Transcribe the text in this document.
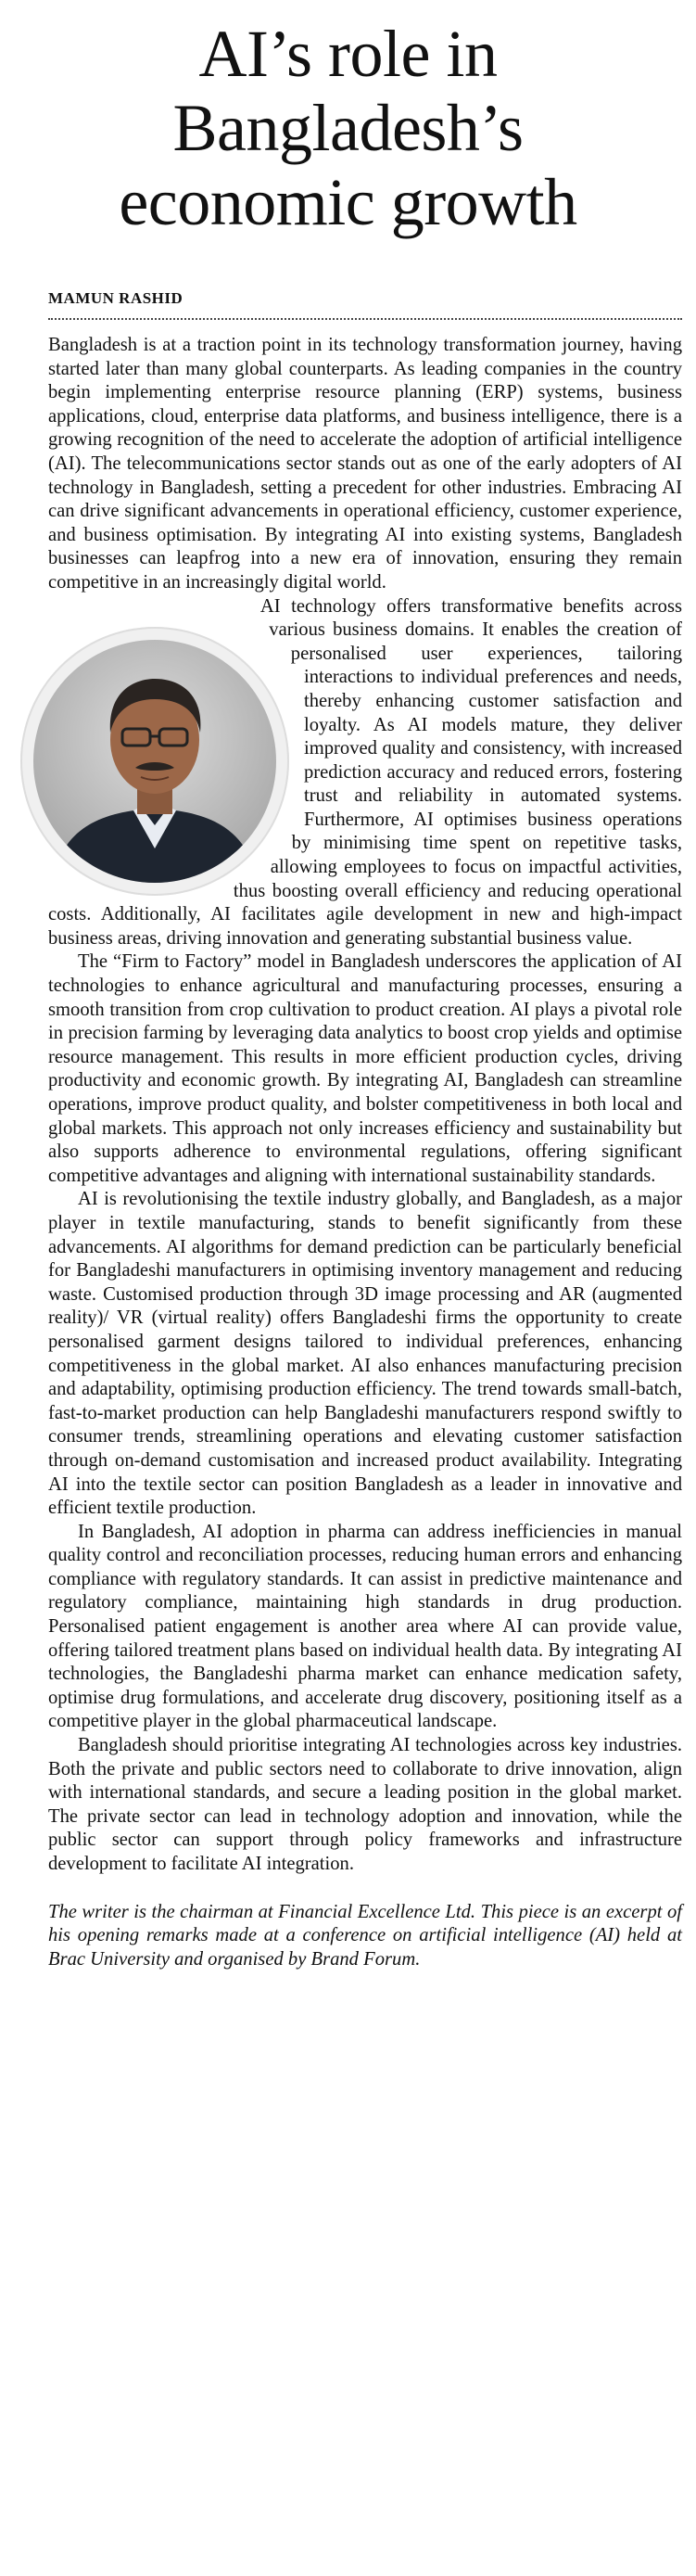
AI’s role in
Bangladesh’s
economic growth
MAMUN RASHID

Bangladesh is at a traction point in its technology transformation journey, having started later than many global counterparts. As leading companies in the country begin implementing enterprise resource planning (ERP) systems, business applications, cloud, enterprise data platforms, and business intelligence, there is a growing recognition of the need to accelerate the adoption of artificial intelligence (AI). The telecommunications sector stands out as one of the early adopters of AI technology in Bangladesh, setting a precedent for other industries. Embracing AI can drive significant advancements in operational efficiency, customer experience, and business optimisation. By integrating AI into existing systems, Bangladesh businesses can leapfrog into a new era of innovation, ensuring they remain competitive in an increasingly digital world.

AI technology offers transformative benefits across various business domains. It enables the creation of personalised user experiences, tailoring interactions to individual preferences and needs, thereby enhancing customer satisfaction and loyalty. As AI models mature, they deliver improved quality and consistency, with increased prediction accuracy and reduced errors, fostering trust and reliability in automated systems. Furthermore, AI optimises business operations by minimising time spent on repetitive tasks, allowing employees to focus on impactful activities, thus boosting overall efficiency and reducing operational costs. Additionally, AI facilitates agile development in new and high-impact business areas, driving innovation and generating substantial business value.

The “Firm to Factory” model in Bangladesh underscores the application of AI technologies to enhance agricultural and manufacturing processes, ensuring a smooth transition from crop cultivation to product creation. AI plays a pivotal role in precision farming by leveraging data analytics to boost crop yields and optimise resource management. This results in more efficient production cycles, driving productivity and economic growth. By integrating AI, Bangladesh can streamline operations, improve product quality, and bolster competitiveness in both local and global markets. This approach not only increases efficiency and sustainability but also supports adherence to environmental regulations, offering significant competitive advantages and aligning with international sustainability standards.

AI is revolutionising the textile industry globally, and Bangladesh, as a major player in textile manufacturing, stands to benefit significantly from these advancements. AI algorithms for demand prediction can be particularly beneficial for Bangladeshi manufacturers in optimising inventory management and reducing waste. Customised production through 3D image processing and AR (augmented reality)/ VR (virtual reality) offers Bangladeshi firms the opportunity to create personalised garment designs tailored to individual preferences, enhancing competitiveness in the global market. AI also enhances manufacturing precision and adaptability, optimising production efficiency. The trend towards small-batch, fast-to-market production can help Bangladeshi manufacturers respond swiftly to consumer trends, streamlining operations and elevating customer satisfaction through on-demand customisation and increased product availability. Integrating AI into the textile sector can position Bangladesh as a leader in innovative and efficient textile production.

In Bangladesh, AI adoption in pharma can address inefficiencies in manual quality control and reconciliation processes, reducing human errors and enhancing compliance with regulatory standards. It can assist in predictive maintenance and regulatory compliance, maintaining high standards in drug production. Personalised patient engagement is another area where AI can provide value, offering tailored treatment plans based on individual health data. By integrating AI technologies, the Bangladeshi pharma market can enhance medication safety, optimise drug formulations, and accelerate drug discovery, positioning itself as a competitive player in the global pharmaceutical landscape.

Bangladesh should prioritise integrating AI technologies across key industries. Both the private and public sectors need to collaborate to drive innovation, align with international standards, and secure a leading position in the global market. The private sector can lead in technology adoption and innovation, while the public sector can support through policy frameworks and infrastructure development to facilitate AI integration.

The writer is the chairman at Financial Excellence Ltd. This piece is an excerpt of his opening remarks made at a conference on artificial intelligence (AI) held at Brac University and organised by Brand Forum.
